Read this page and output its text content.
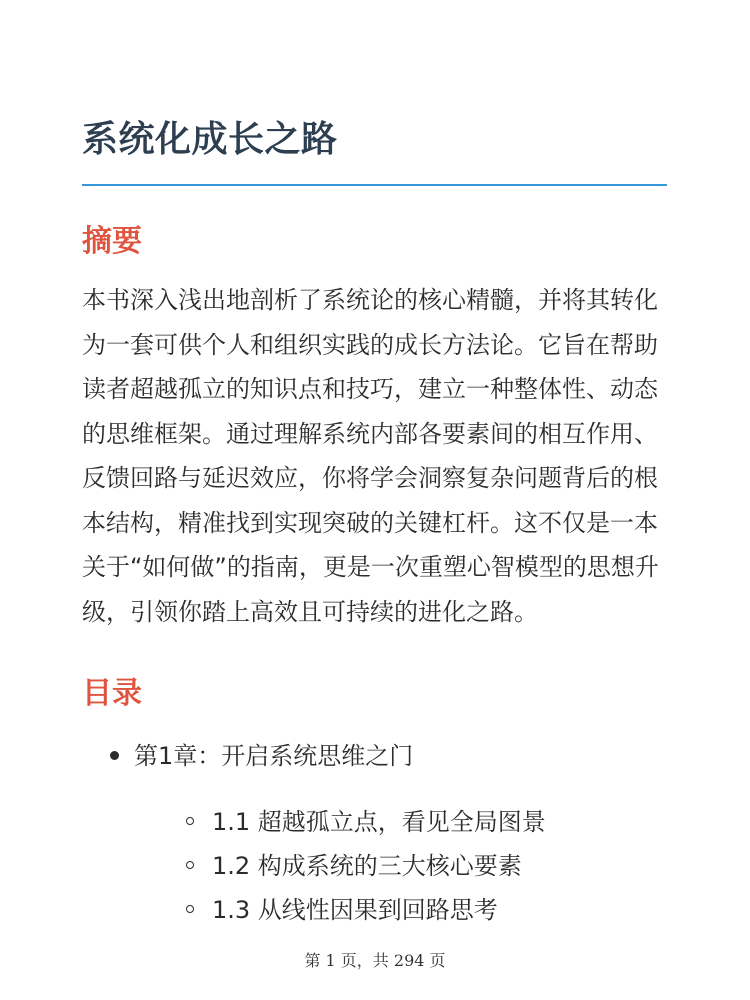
系统化成长之路
摘要

本书深入浅出地剖析了系统论的核心精髓，并将其转化为一套可供个人和组织实践的成长方法论。它旨在帮助读者超越孤立的知识点和技巧，建立一种整体性、动态的思维框架。通过理解系统内部各要素间的相互作用、反馈回路与延迟效应，你将学会洞察复杂问题背后的根本结构，精准找到实现突破的关键杠杆。这不仅是一本关于“如何做”的指南，更是一次重塑心智模型的思想升级，引领你踏上高效且可持续的进化之路。

目录
第1章：开启系统思维之门
1.1 超越孤立点，看见全局图景
1.2 构成系统的三大核心要素
1.3 从线性因果到回路思考
第 1 页，共 294 页
